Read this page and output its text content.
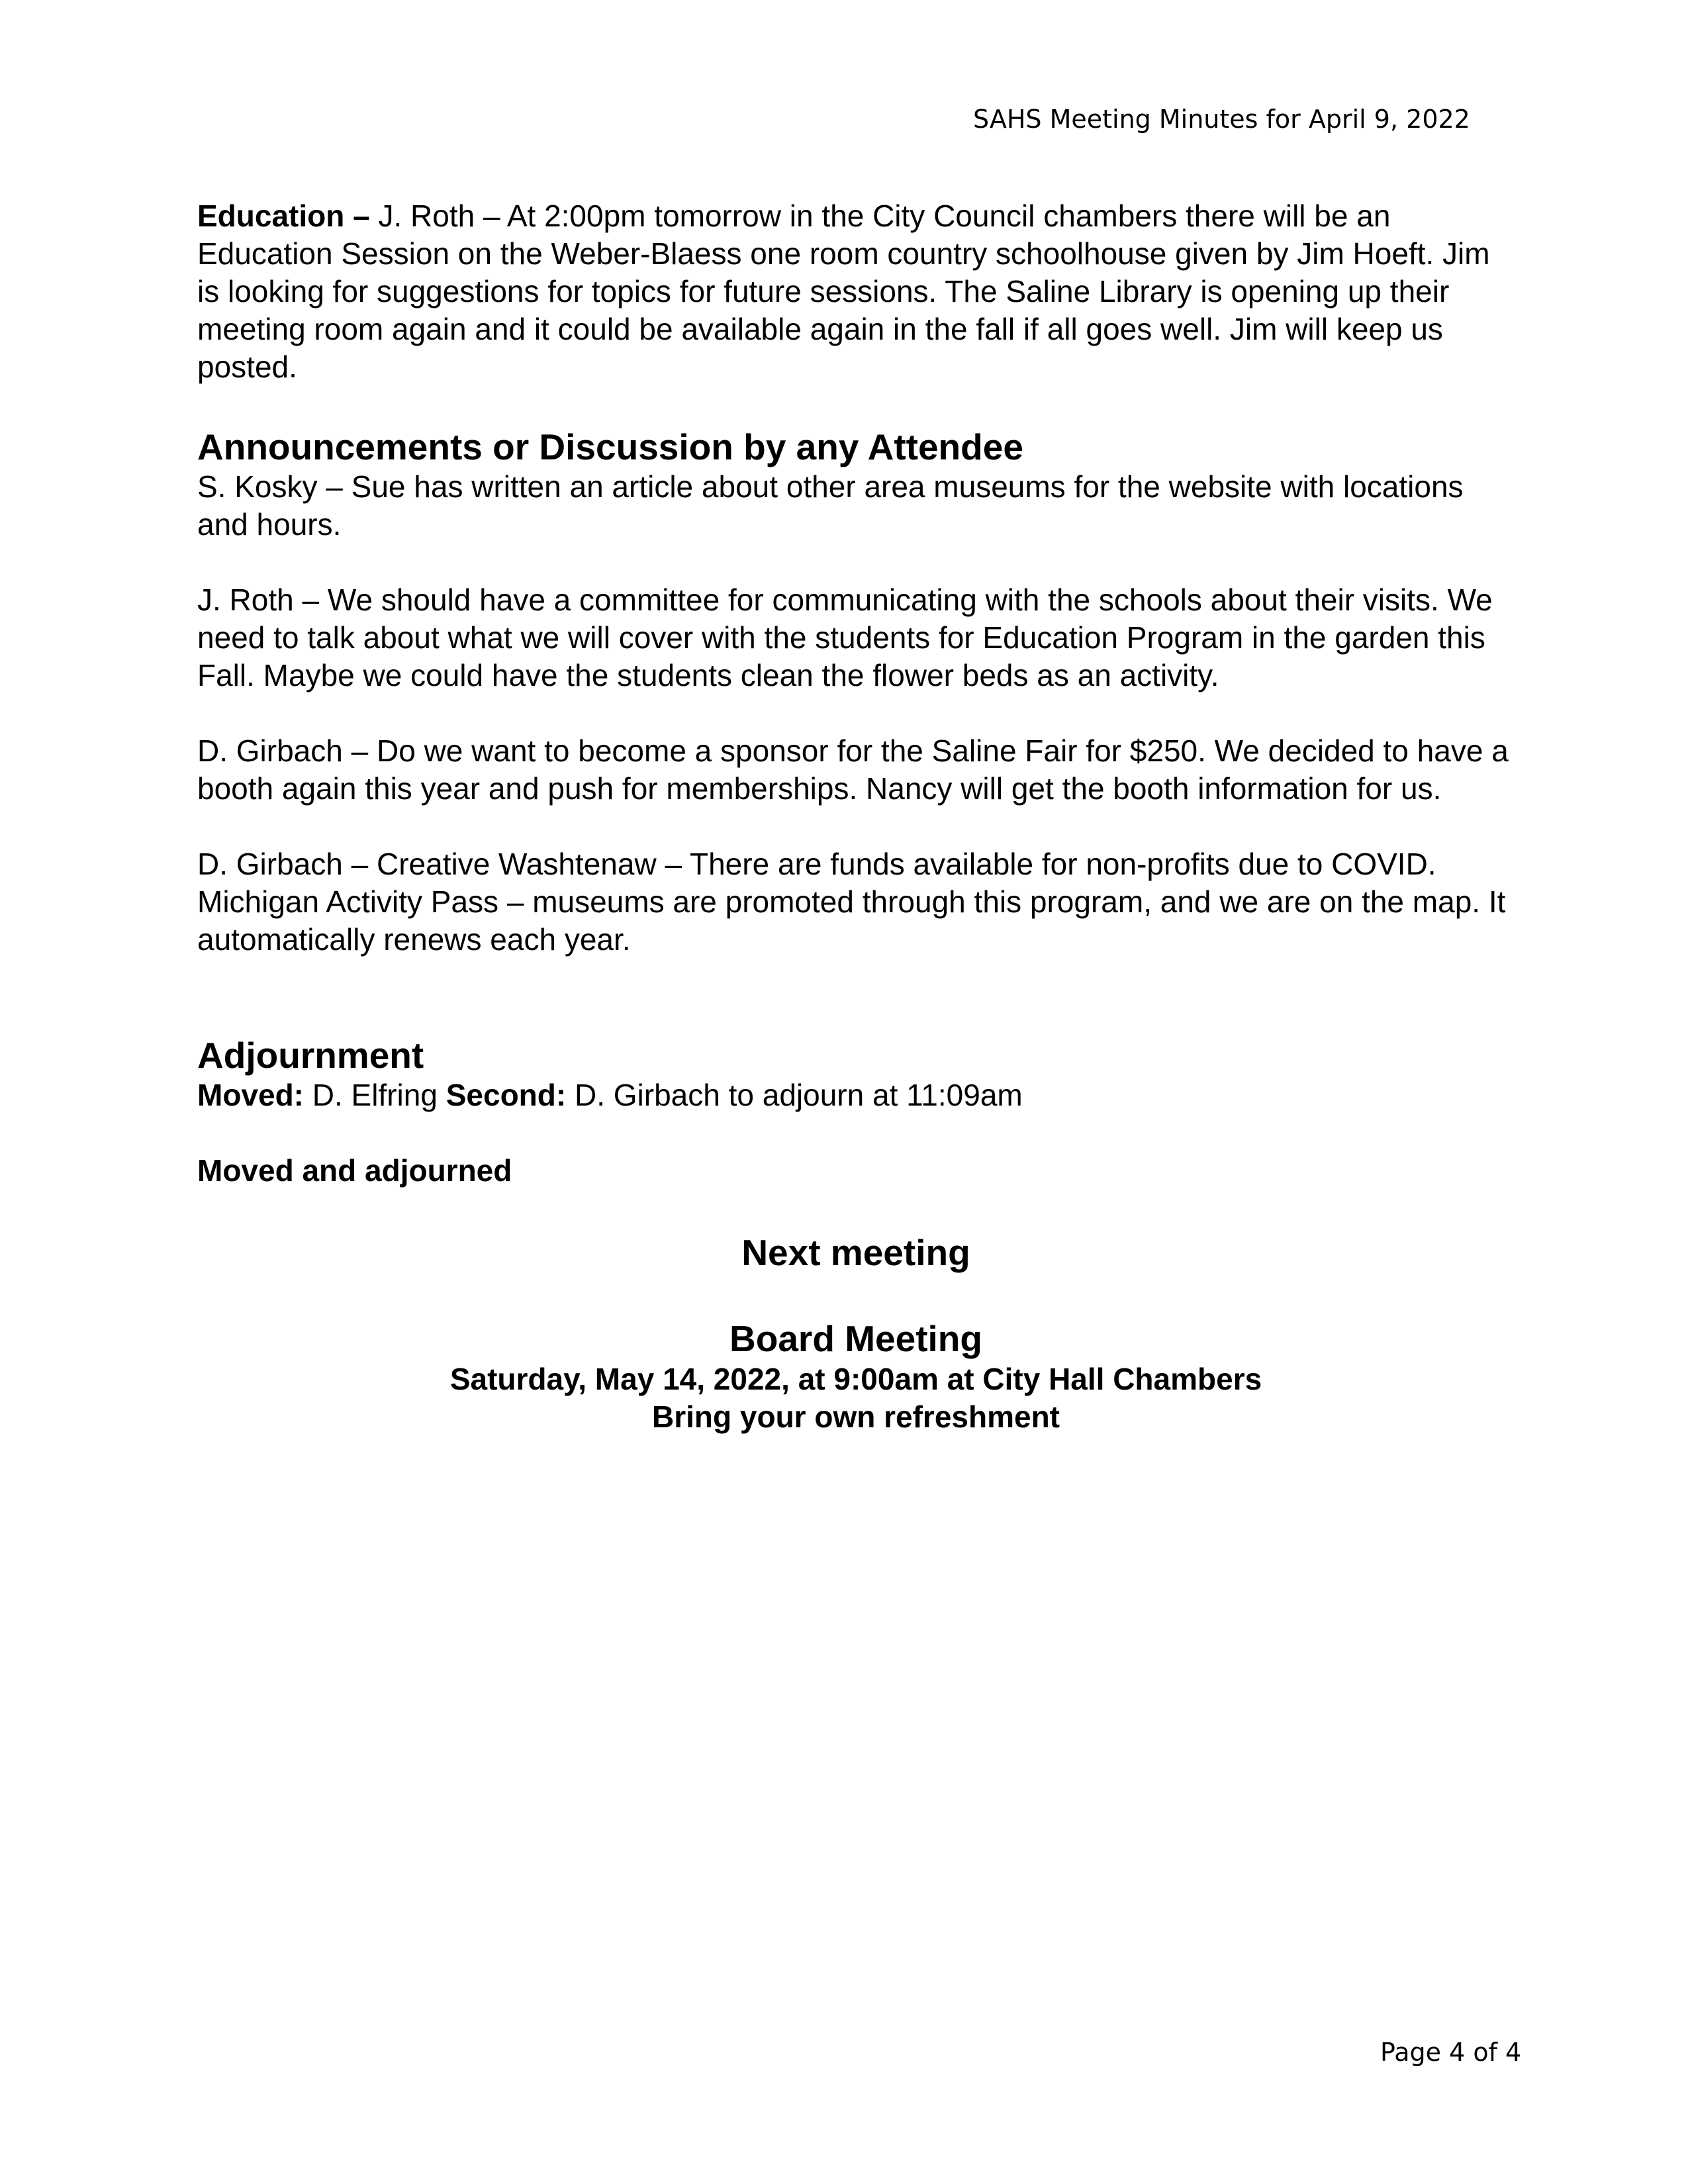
SAHS Meeting Minutes for April 9, 2022

Education – J. Roth – At 2:00pm tomorrow in the City Council chambers there will be an Education Session on the Weber-Blaess one room country schoolhouse given by Jim Hoeft. Jim is looking for suggestions for topics for future sessions. The Saline Library is opening up their meeting room again and it could be available again in the fall if all goes well. Jim will keep us posted.

Announcements or Discussion by any Attendee

S. Kosky – Sue has written an article about other area museums for the website with locations and hours.

J. Roth – We should have a committee for communicating with the schools about their visits. We need to talk about what we will cover with the students for Education Program in the garden this Fall. Maybe we could have the students clean the flower beds as an activity.

D. Girbach – Do we want to become a sponsor for the Saline Fair for $250. We decided to have a booth again this year and push for memberships. Nancy will get the booth information for us.

D. Girbach – Creative Washtenaw – There are funds available for non-profits due to COVID. Michigan Activity Pass – museums are promoted through this program, and we are on the map. It automatically renews each year.

Adjournment

Moved: D. Elfring Second: D. Girbach to adjourn at 11:09am

Moved and adjourned

Next meeting
Board Meeting
Saturday, May 14, 2022, at 9:00am at City Hall Chambers
Bring your own refreshment
Page 4 of 4
